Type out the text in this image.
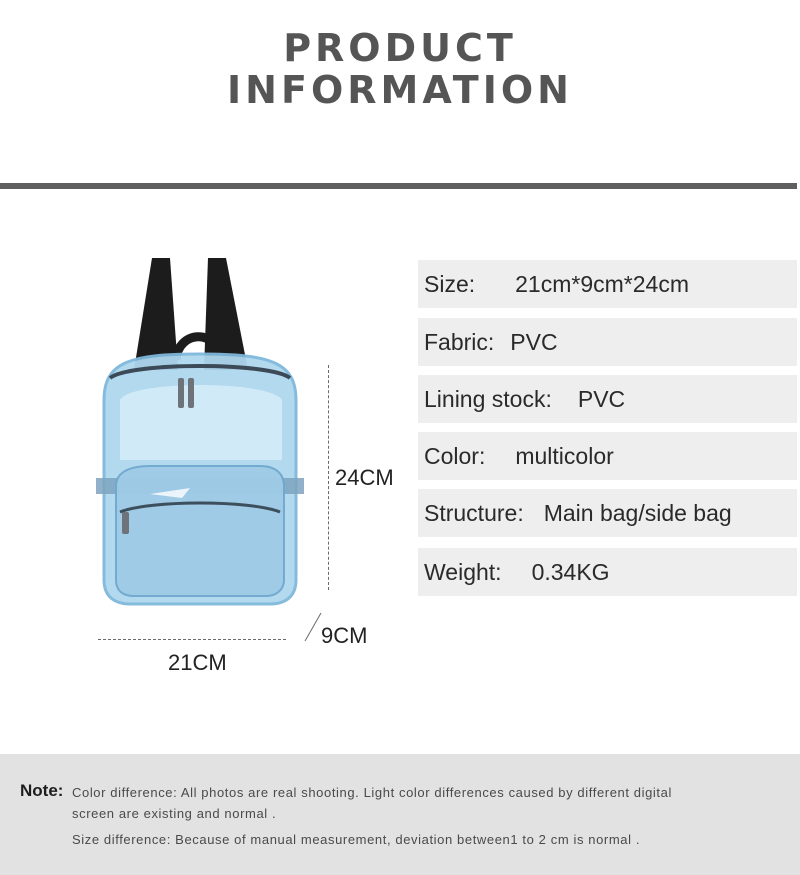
PRODUCT
INFORMATION
24CM
9CM
21CM
Size: 21cm*9cm*24cm
Fabric: PVC
Lining stock: PVC
Color: multicolor
Structure: Main bag/side bag
Weight: 0.34KG
Note: Color difference: All photos are real shooting. Light color differences caused by different digital
screen are existing and normal .
Size difference: Because of manual measurement, deviation between1 to 2 cm is normal .
